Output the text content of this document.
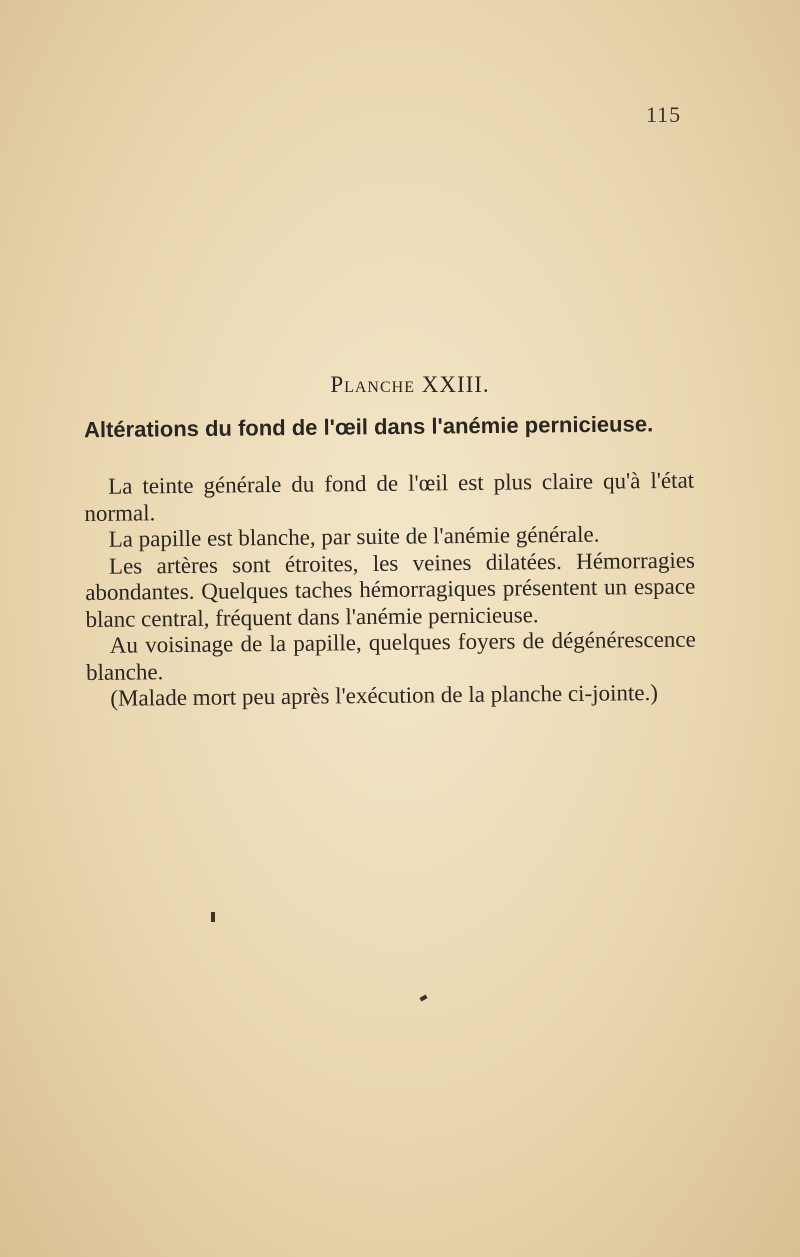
115
Planche XXIII.
Altérations du fond de l'œil dans l'anémie pernicieuse.

La teinte générale du fond de l'œil est plus claire qu'à l'état normal.

La papille est blanche, par suite de l'anémie générale.

Les artères sont étroites, les veines dilatées. Hémorragies abondantes. Quelques taches hémorragiques présentent un espace blanc central, fréquent dans l'anémie pernicieuse.

Au voisinage de la papille, quelques foyers de dégénérescence blanche.

(Malade mort peu après l'exécution de la planche ci-jointe.)
